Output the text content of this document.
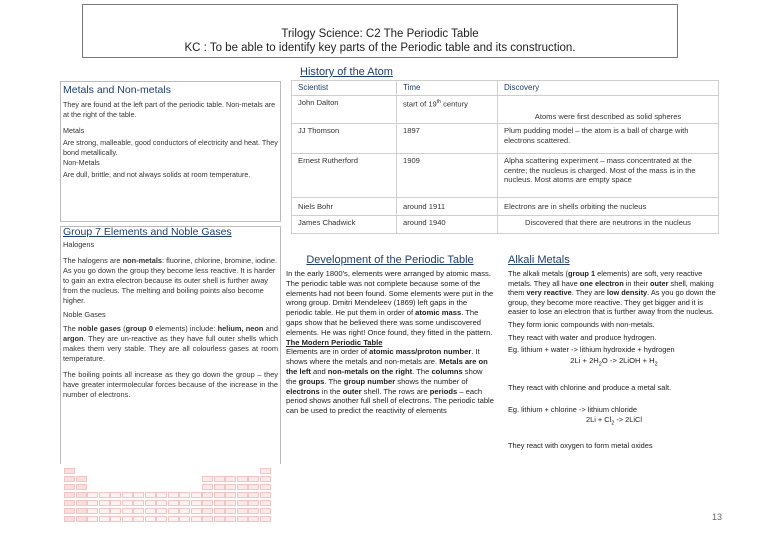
Trilogy Science: C2 The Periodic Table
KC : To be able to identify key parts of the Periodic table and its construction.
History of the Atom
Metals and Non-metals

They are found at the left part of the periodic table. Non-metals are at the right of the table.

Metals

Are strong, malleable, good conductors of electricity and heat. They bond metallically.

Non-Metals

Are dull, brittle, and not always solids at room temperature.

Group 7 Elements and Noble Gases

Halogens

The halogens are non-metals: fluorine, chlorine, bromine, iodine. As you go down the group they become less reactive. It is harder to gain an extra electron because its outer shell is further away from the nucleus. The melting and boiling points also become higher.

Noble Gases

The noble gases (group 0 elements) include: helium, neon and argon. They are un-reactive as they have full outer shells which makes them very stable. They are all colourless gases at room temperature.

The boiling points all increase as they go down the group – they have greater intermolecular forces because of the increase in the number of electrons.

Scientist	Time	Discovery
John Dalton	start of 19th century	Atoms were first described as solid spheres
JJ Thomson	1897	Plum pudding model – the atom is a ball of charge with electrons scattered.
Ernest Rutherford	1909	Alpha scattering experiment – mass concentrated at the centre; the nucleus is charged. Most of the mass is in the nucleus. Most atoms are empty space
Niels Bohr	around 1911	Electrons are in shells orbiting the nucleus
James Chadwick	around 1940	Discovered that there are neutrons in the nucleus
Development of the Periodic Table

In the early 1800's, elements were arranged by atomic mass. The periodic table was not complete because some of the elements had not been found. Some elements were put in the wrong group. Dmitri Mendeleev (1869) left gaps in the periodic table. He put them in order of atomic mass. The gaps show that he believed there was some undiscovered elements. He was right! Once found, they fitted in the pattern.

The Modern Periodic Table

Elements are in order of atomic mass/proton number. It shows where the metals and non-metals are. Metals are on the left and non-metals on the right. The columns show the groups. The group number shows the number of electrons in the outer shell. The rows are periods – each period shows another full shell of electrons. The periodic table can be used to predict the reactivity of elements

Alkali Metals

The alkali metals (group 1 elements) are soft, very reactive metals. They all have one electron in their outer shell, making them very reactive. They are low density. As you go down the group, they become more reactive. They get bigger and it is easier to lose an electron that is further away from the nucleus.

They form ionic compounds with non-metals.

They react with water and produce hydrogen.

Eg. lithium + water -> lithium hydroxide + hydrogen

$2Li + 2H_2O$ -> 2LiOH + $H_2$

They react with chlorine and produce a metal salt.

Eg. lithium + chlorine -> lithium chloride

$2Li + Cl_2$ -> 2LiCl

They react with oxygen to form metal oxides

13
